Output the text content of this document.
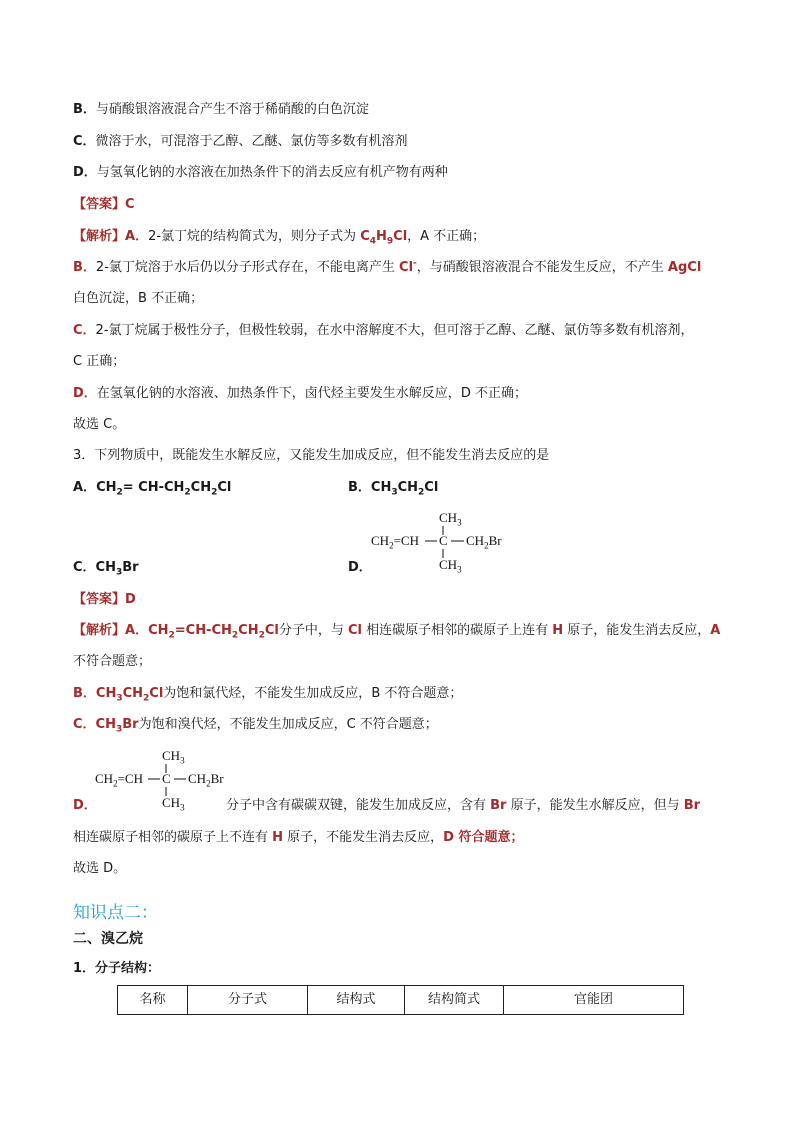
B．与硝酸银溶液混合产生不溶于稀硝酸的白色沉淀
C．微溶于水，可混溶于乙醇、乙醚、氯仿等多数有机溶剂
D．与氢氧化钠的水溶液在加热条件下的消去反应有机产物有两种
【答案】C
【解析】A．2-氯丁烷的结构简式为，则分子式为 $C_4H_9Cl$，A 不正确；
B．2-氯丁烷溶于水后仍以分子形式存在，不能电离产生 Cl-，与硝酸银溶液混合不能发生反应，不产生 AgCl
白色沉淀，B 不正确；
C．2-氯丁烷属于极性分子，但极性较弱，在水中溶解度不大，但可溶于乙醇、乙醚、氯仿等多数有机溶剂，
C 正确；
D．在氢氧化钠的水溶液、加热条件下，卤代烃主要发生水解反应，D 不正确；
故选 C。
3．下列物质中，既能发生水解反应，又能发生加成反应，但不能发生消去反应的是
A．$CH_2= CH-CH_2CH_2Cl$	B．$CH_3CH_2Cl$
$CH_3$
$CH_2=CH$ C $CH_2Br$
$CH_3$
C．$CH_3Br$	D．
【答案】D
【解析】A．$CH_2=CH-CH_2CH_2Cl$分子中，与 Cl 相连碳原子相邻的碳原子上连有 H 原子，能发生消去反应，A
不符合题意；
B．$CH_3CH_2Cl$为饱和氯代烃，不能发生加成反应，B 不符合题意；
C．$CH_3Br$为饱和溴代烃，不能发生加成反应，C 不符合题意；
$CH_3$
$CH_2=CH$ C $CH_2Br$
$CH_3$
D．	分子中含有碳碳双键，能发生加成反应，含有 Br 原子，能发生水解反应，但与 Br
相连碳原子相邻的碳原子上不连有 H 原子，不能发生消去反应，D 符合题意；
故选 D。
知识点二：
二、溴乙烷
1．分子结构：
名称	分子式	结构式	结构简式	官能团
